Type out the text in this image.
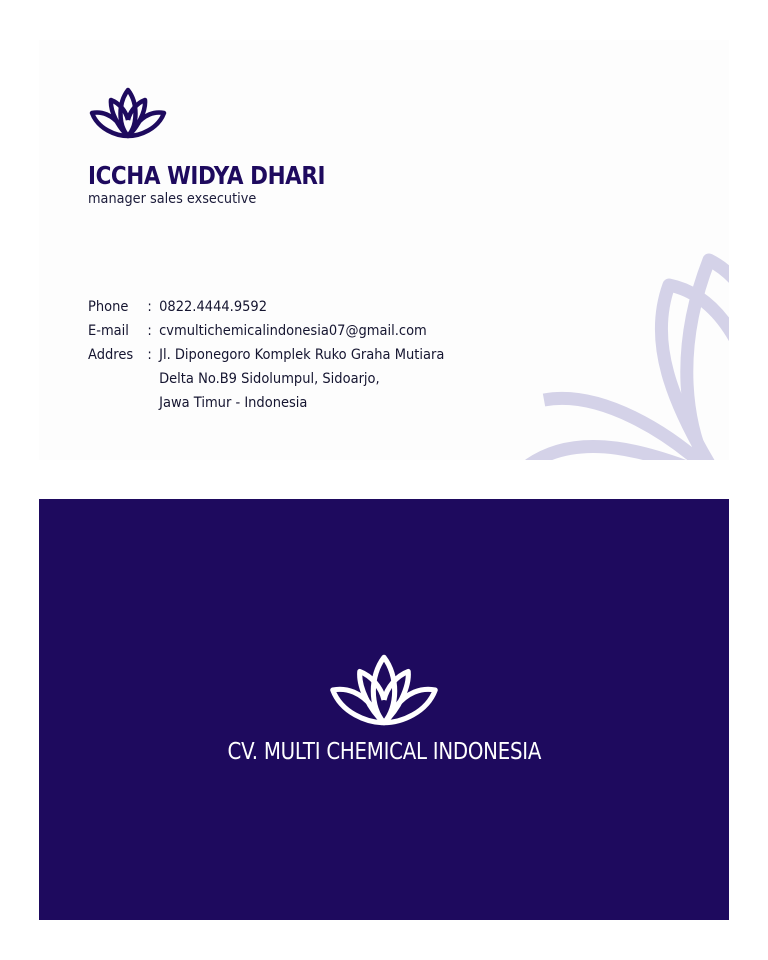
ICCHA WIDYA DHARI

manager sales exsecutive

Phone	: 0822.4444.9592
E-mail	: cvmultichemicalindonesia07@gmail.com
Addres : Jl. Diponegoro Komplek Ruko Graha Mutiara
Delta No.B9 Sidolumpul, Sidoarjo,
Jawa Timur - Indonesia

CV. MULTI CHEMICAL INDONESIA
